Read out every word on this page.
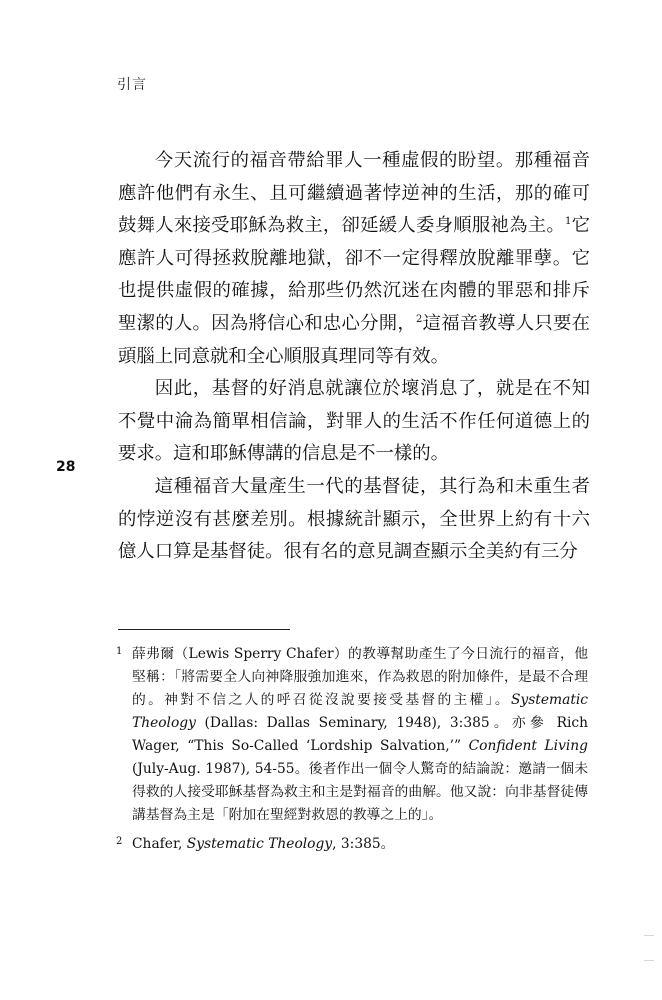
引言
28

今天流行的福音帶給罪人一種虛假的盼望。那種福音應許他們有永生、且可繼續過著悖逆神的生活，那的確可鼓舞人來接受耶穌為救主，卻延緩人委身順服祂為主。$^1$它應許人可得拯救脫離地獄，卻不一定得釋放脫離罪孽。它也提供虛假的確據，給那些仍然沉迷在肉體的罪惡和排斥聖潔的人。因為將信心和忠心分開，$^2$這福音教導人只要在頭腦上同意就和全心順服真理同等有效。

因此，基督的好消息就讓位於壞消息了，就是在不知不覺中淪為簡單相信論，對罪人的生活不作任何道德上的要求。這和耶穌傳講的信息是不一樣的。

這種福音大量產生一代的基督徒，其行為和未重生者的悖逆沒有甚麼差別。根據統計顯示，全世界上約有十六億人口算是基督徒。很有名的意見調查顯示全美約有三分

1 薛弗爾（Lewis Sperry Chafer）的教導幫助產生了今日流行的福音，他堅稱：「將需要全人向神降服強加進來，作為救恩的附加條件，是最不合理的。神對不信之人的呼召從沒說要接受基督的主權」。Systematic Theology (Dallas: Dallas Seminary, 1948), 3:385。亦參 Rich Wager, “This So-Called ‘Lordship Salvation,’” Confident Living (July-Aug. 1987), 54-55。後者作出一個令人驚奇的結論說：邀請一個未得救的人接受耶穌基督為救主和主是對福音的曲解。他又說：向非基督徒傳講基督為主是「附加在聖經對救恩的教導之上的」。
2 Chafer, Systematic Theology, 3:385。
